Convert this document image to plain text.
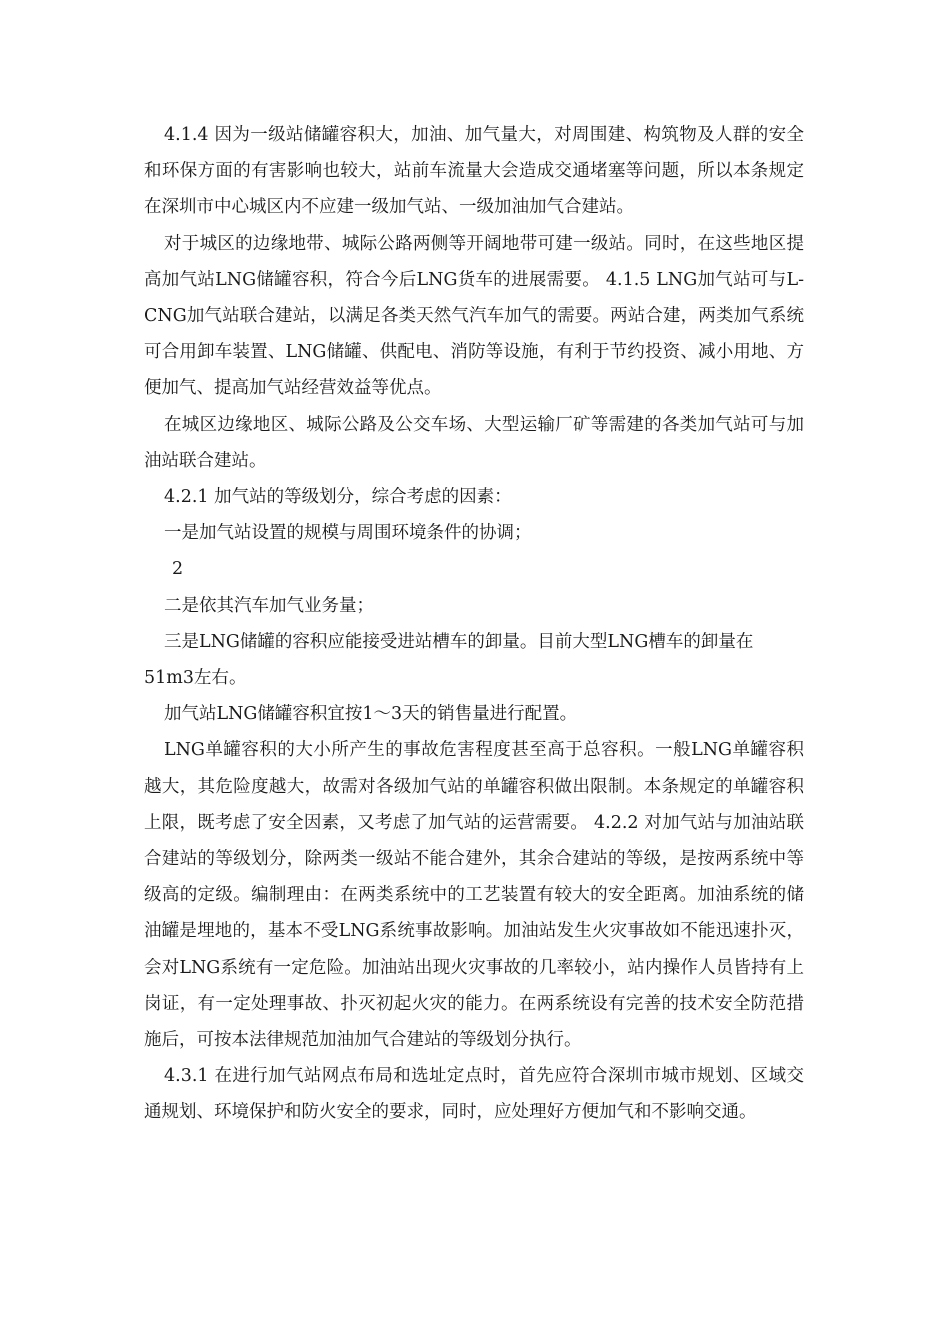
4.1.4 因为一级站储罐容积大，加油、加气量大，对周围建、构筑物及人群的安全和环保方面的有害影响也较大，站前车流量大会造成交通堵塞等问题，所以本条规定在深圳市中心城区内不应建一级加气站、一级加油加气合建站。

对于城区的边缘地带、城际公路两侧等开阔地带可建一级站。同时，在这些地区提高加气站LNG储罐容积，符合今后LNG货车的进展需要。 4.1.5 LNG加气站可与L-CNG加气站联合建站，以满足各类天然气汽车加气的需要。两站合建，两类加气系统可合用卸车装置、LNG储罐、供配电、消防等设施，有利于节约投资、减小用地、方便加气、提高加气站经营效益等优点。

在城区边缘地区、城际公路及公交车场、大型运输厂矿等需建的各类加气站可与加油站联合建站。

4.2.1 加气站的等级划分，综合考虑的因素：

一是加气站设置的规模与周围环境条件的协调；

2

二是依其汽车加气业务量；

三是LNG储罐的容积应能接受进站槽车的卸量。目前大型LNG槽车的卸量在

51m3左右。

加气站LNG储罐容积宜按1～3天的销售量进行配置。

LNG单罐容积的大小所产生的事故危害程度甚至高于总容积。一般LNG单罐容积越大，其危险度越大，故需对各级加气站的单罐容积做出限制。本条规定的单罐容积上限，既考虑了安全因素，又考虑了加气站的运营需要。 4.2.2 对加气站与加油站联合建站的等级划分，除两类一级站不能合建外，其余合建站的等级，是按两系统中等级高的定级。编制理由：在两类系统中的工艺装置有较大的安全距离。加油系统的储油罐是埋地的，基本不受LNG系统事故影响。加油站发生火灾事故如不能迅速扑灭，会对LNG系统有一定危险。加油站出现火灾事故的几率较小，站内操作人员皆持有上岗证，有一定处理事故、扑灭初起火灾的能力。在两系统设有完善的技术安全防范措施后，可按本法律规范加油加气合建站的等级划分执行。

4.3.1 在进行加气站网点布局和选址定点时，首先应符合深圳市城市规划、区域交通规划、环境保护和防火安全的要求，同时，应处理好方便加气和不影响交通。
